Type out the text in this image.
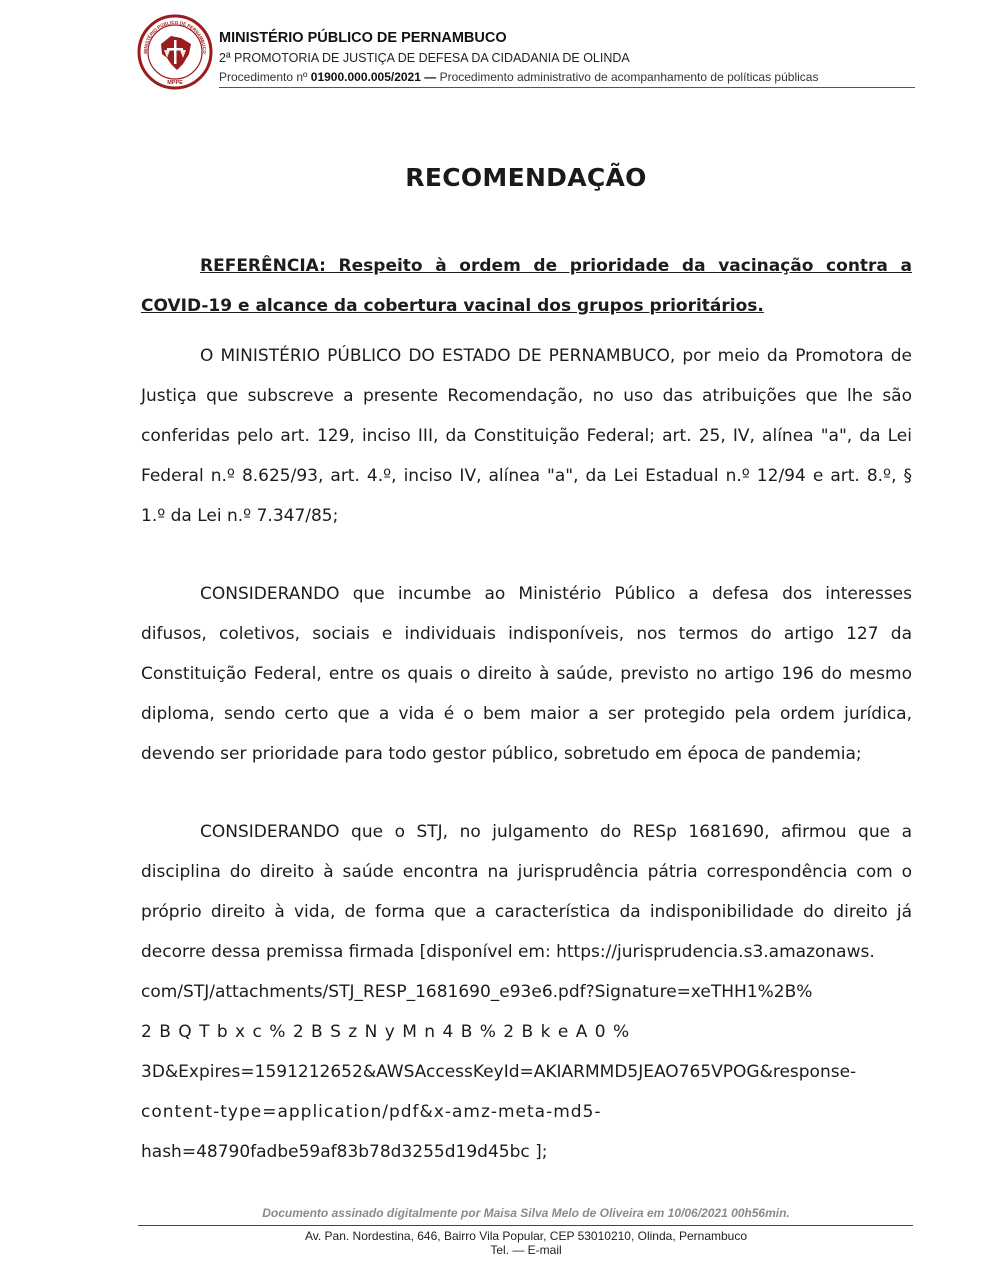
MPPE
MINISTÉRIO PÚBLICO DE PERNAMBUCO
MINISTÉRIO PÚBLICO DE PERNAMBUCO
2ª PROMOTORIA DE JUSTIÇA DE DEFESA DA CIDADANIA DE OLINDA
Procedimento nº 01900.000.005/2021 — Procedimento administrativo de acompanhamento de políticas públicas
RECOMENDAÇÃO

REFERÊNCIA: Respeito à ordem de prioridade da vacinação contra a COVID-19 e alcance da cobertura vacinal dos grupos prioritários.

O MINISTÉRIO PÚBLICO DO ESTADO DE PERNAMBUCO, por meio da Promotora de Justiça que subscreve a presente Recomendação, no uso das atribuições que lhe são conferidas pelo art. 129, inciso III, da Constituição Federal; art. 25, IV, alínea "a", da Lei Federal n.º 8.625/93, art. 4.º, inciso IV, alínea "a", da Lei Estadual n.º 12/94 e art. 8.º, § 1.º da Lei n.º 7.347/85;

CONSIDERANDO que incumbe ao Ministério Público a defesa dos interesses difusos, coletivos, sociais e individuais indisponíveis, nos termos do artigo 127 da Constituição Federal, entre os quais o direito à saúde, previsto no artigo 196 do mesmo diploma, sendo certo que a vida é o bem maior a ser protegido pela ordem jurídica, devendo ser prioridade para todo gestor público, sobretudo em época de pandemia;

CONSIDERANDO que o STJ, no julgamento do RESp 1681690, afirmou que a disciplina do direito à saúde encontra na jurisprudência pátria correspondência com o próprio direito à vida, de forma que a característica da indisponibilidade do direito já decorre dessa premissa firmada [disponível em: https://jurisprudencia.s3.amazonaws.

com/STJ/attachments/STJ_RESP_1681690_e93e6.pdf?Signature=xeTHH1%2B%
2 B Q T b x c % 2 B S z N y M n 4 B % 2 B k e A 0 %
3D&Expires=1591212652&AWSAccessKeyId=AKIARMMD5JEAO765VPOG&response-
content-type=application/pdf&x-amz-meta-md5-
hash=48790fadbe59af83b78d3255d19d45bc ];
Documento assinado digitalmente por Maisa Silva Melo de Oliveira em 10/06/2021 00h56min.
Av. Pan. Nordestina, 646, Bairro Vila Popular, CEP 53010210, Olinda, Pernambuco
Tel. — E-mail
